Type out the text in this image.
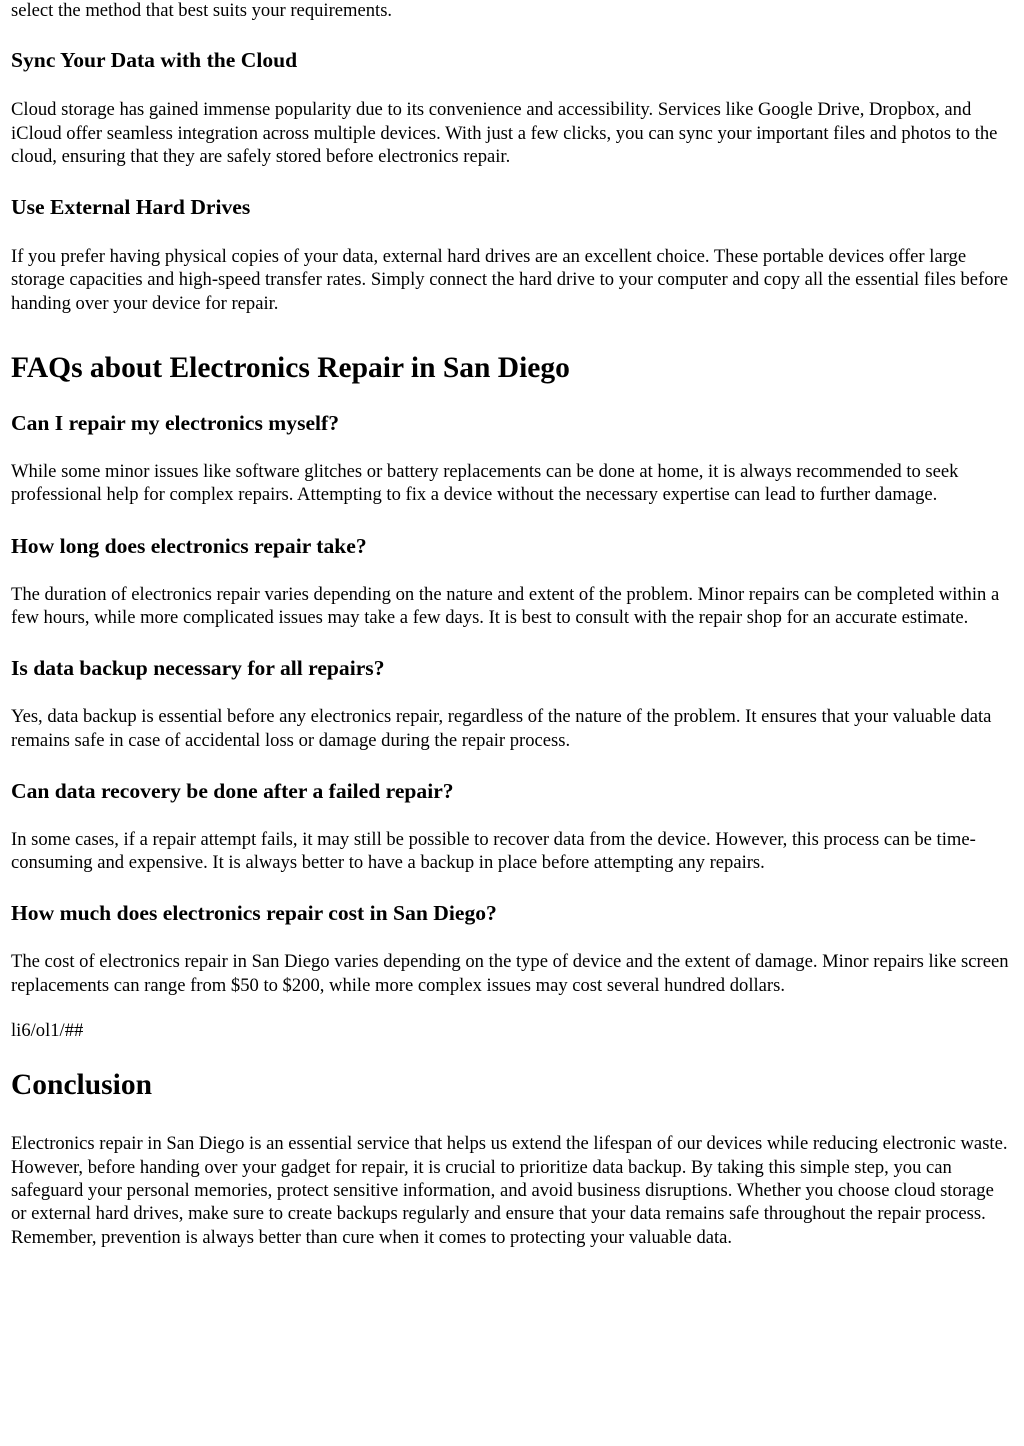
select the method that best suits your requirements.

Sync Your Data with the Cloud

Cloud storage has gained immense popularity due to its convenience and accessibility. Services like Google Drive, Dropbox, and iCloud offer seamless integration across multiple devices. With just a few clicks, you can sync your important files and photos to the cloud, ensuring that they are safely stored before electronics repair.

Use External Hard Drives

If you prefer having physical copies of your data, external hard drives are an excellent choice. These portable devices offer large storage capacities and high-speed transfer rates. Simply connect the hard drive to your computer and copy all the essential files before handing over your device for repair.

FAQs about Electronics Repair in San Diego
Can I repair my electronics myself?

While some minor issues like software glitches or battery replacements can be done at home, it is always recommended to seek professional help for complex repairs. Attempting to fix a device without the necessary expertise can lead to further damage.

How long does electronics repair take?

The duration of electronics repair varies depending on the nature and extent of the problem. Minor repairs can be completed within a few hours, while more complicated issues may take a few days. It is best to consult with the repair shop for an accurate estimate.

Is data backup necessary for all repairs?

Yes, data backup is essential before any electronics repair, regardless of the nature of the problem. It ensures that your valuable data remains safe in case of accidental loss or damage during the repair process.

Can data recovery be done after a failed repair?

In some cases, if a repair attempt fails, it may still be possible to recover data from the device. However, this process can be time-consuming and expensive. It is always better to have a backup in place before attempting any repairs.

How much does electronics repair cost in San Diego?

The cost of electronics repair in San Diego varies depending on the type of device and the extent of damage. Minor repairs like screen replacements can range from $50 to $200, while more complex issues may cost several hundred dollars.

li6/ol1/##

Conclusion

Electronics repair in San Diego is an essential service that helps us extend the lifespan of our devices while reducing electronic waste. However, before handing over your gadget for repair, it is crucial to prioritize data backup. By taking this simple step, you can safeguard your personal memories, protect sensitive information, and avoid business disruptions. Whether you choose cloud storage or external hard drives, make sure to create backups regularly and ensure that your data remains safe throughout the repair process. Remember, prevention is always better than cure when it comes to protecting your valuable data.
